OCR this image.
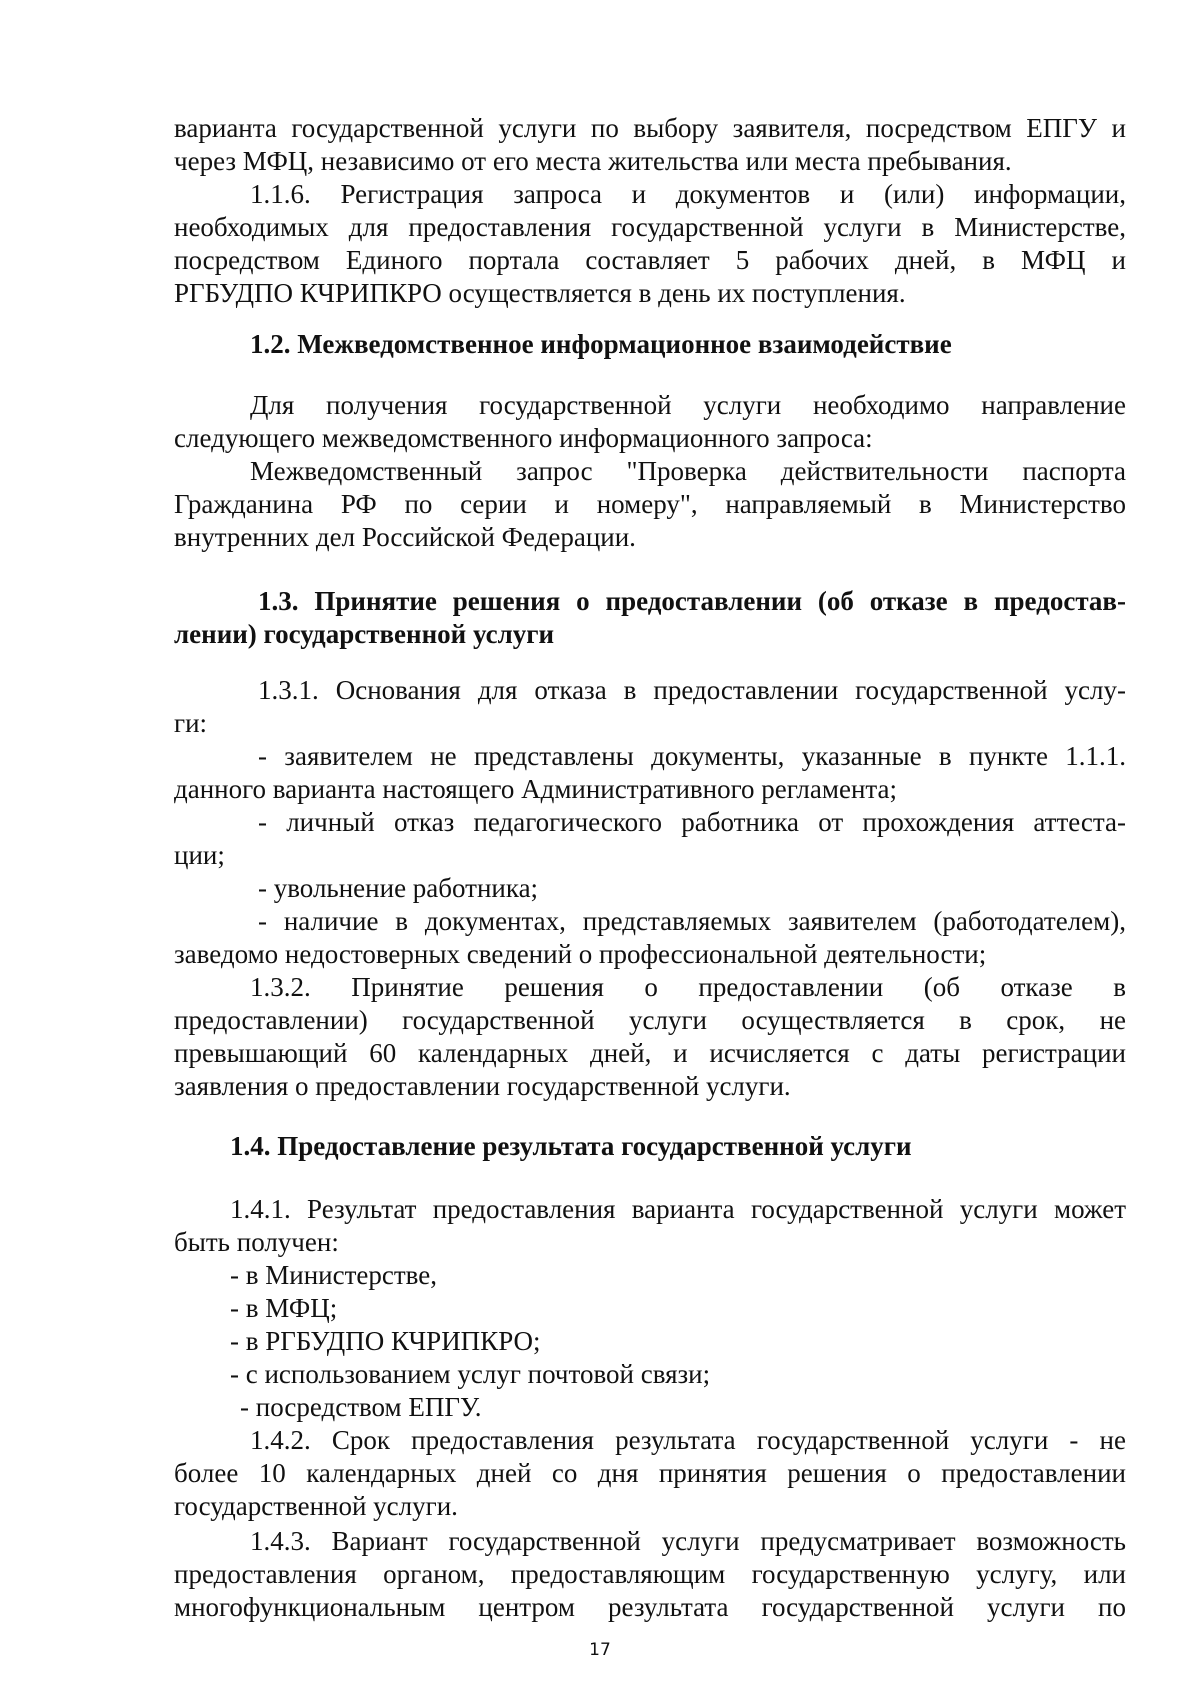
варианта государственной услуги по выбору заявителя, посредством ЕПГУ и
через МФЦ, независимо от его места жительства или места пребывания.
1.1.6. Регистрация запроса и документов и (или) информации,
необходимых для предоставления государственной услуги в Министерстве,
посредством Единого портала составляет 5 рабочих дней, в МФЦ и
РГБУДПО КЧРИПКРО осуществляется в день их поступления.
1.2. Межведомственное информационное взаимодействие
Для получения государственной услуги необходимо направление
следующего межведомственного информационного запроса:
Межведомственный запрос "Проверка действительности паспорта
Гражданина РФ по серии и номеру", направляемый в Министерство
внутренних дел Российской Федерации.
1.3. Принятие решения о предоставлении (об отказе в предостав-
лении) государственной услуги
1.3.1. Основания для отказа в предоставлении государственной услу-
ги:
- заявителем не представлены документы, указанные в пункте 1.1.1.
данного варианта настоящего Административного регламента;
- личный отказ педагогического работника от прохождения аттеста-
ции;
- увольнение работника;
- наличие в документах, представляемых заявителем (работодателем),
заведомо недостоверных сведений о профессиональной деятельности;
1.3.2. Принятие решения о предоставлении (об отказе в
предоставлении) государственной услуги осуществляется в срок, не
превышающий 60 календарных дней, и исчисляется с даты регистрации
заявления о предоставлении государственной услуги.
1.4. Предоставление результата государственной услуги
1.4.1. Результат предоставления варианта государственной услуги может
быть получен:
- в Министерстве,
- в МФЦ;
- в РГБУДПО КЧРИПКРО;
- с использованием услуг почтовой связи;
- посредством ЕПГУ.
1.4.2. Срок предоставления результата государственной услуги - не
более 10 календарных дней со дня принятия решения о предоставлении
государственной услуги.
1.4.3. Вариант государственной услуги предусматривает возможность
предоставления органом, предоставляющим государственную услугу, или
многофункциональным центром результата государственной услуги по
17
